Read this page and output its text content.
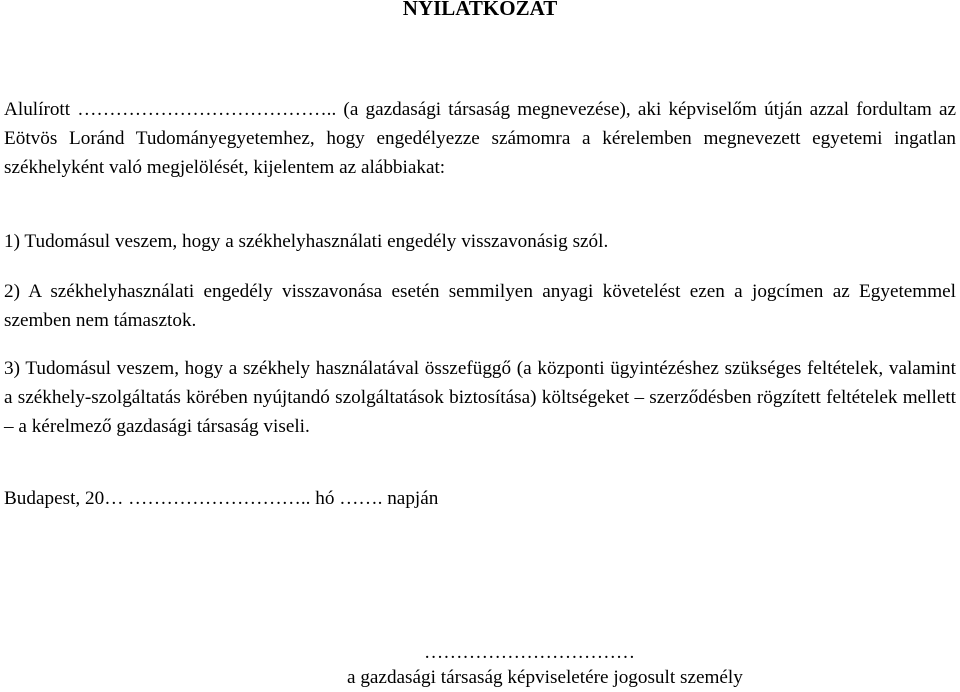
NYILATKOZAT

Alulírott ………………………………….. (a gazdasági társaság megnevezése), aki képviselőm útján azzal fordultam az Eötvös Loránd Tudományegyetemhez, hogy engedélyezze számomra a kérelemben megnevezett egyetemi ingatlan székhelyként való megjelölését, kijelentem az alábbiakat:

1) Tudomásul veszem, hogy a székhelyhasználati engedély visszavonásig szól.

2) A székhelyhasználati engedély visszavonása esetén semmilyen anyagi követelést ezen a jogcímen az Egyetemmel szemben nem támasztok.

3) Tudomásul veszem, hogy a székhely használatával összefüggő (a központi ügyintézéshez szükséges feltételek, valamint a székhely-szolgáltatás körében nyújtandó szolgáltatások biztosítása) költségeket – szerződésben rögzített feltételek mellett – a kérelmező gazdasági társaság viseli.

Budapest, 20… ……………………….. hó ……. napján

……………………………
a gazdasági társaság képviseletére jogosult személy
